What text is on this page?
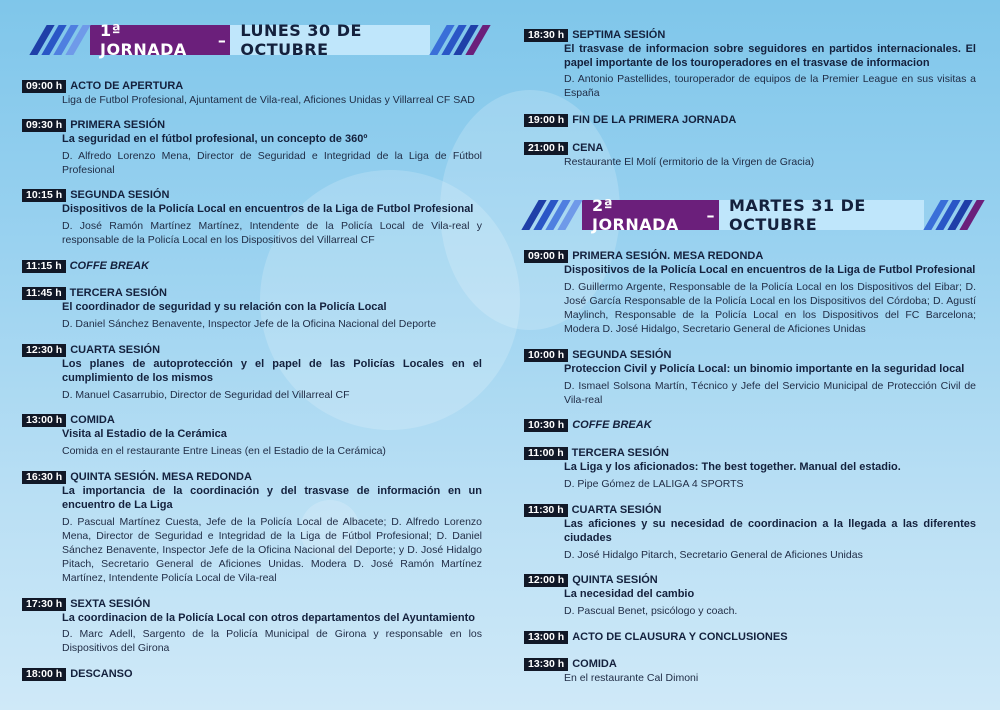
1ª JORNADA	– LUNES 30 DE OCTUBRE
09:00 h ACTO DE APERTURA
Liga de Futbol Profesional, Ajuntament de Vila-real, Aficiones Unidas y Villarreal CF SAD
09:30 h PRIMERA SESIÓN
La seguridad en el fútbol profesional, un concepto de 360º
D. Alfredo Lorenzo Mena, Director de Seguridad e Integridad de la Liga de Fútbol Profesional
10:15 h SEGUNDA SESIÓN
Dispositivos de la Policía Local en encuentros de la Liga de Futbol Profesional
D. José Ramón Martínez Martínez, Intendente de la Policía Local de Vila-real y responsable de la Policía Local en los Dispositivos del Villarreal CF
11:15 h COFFE BREAK
11:45 h TERCERA SESIÓN
El coordinador de seguridad y su relación con la Policía Local
D. Daniel Sánchez Benavente, Inspector Jefe de la Oficina Nacional del Deporte
12:30 h CUARTA SESIÓN
Los planes de autoprotección y el papel de las Policías Locales en el cumplimiento de los mismos
D. Manuel Casarrubio, Director de Seguridad del Villarreal CF
13:00 h COMIDA
Visita al Estadio de la Cerámica
Comida en el restaurante Entre Lineas (en el Estadio de la Cerámica)
16:30 h QUINTA SESIÓN. MESA REDONDA
La importancia de la coordinación y del trasvase de información en un encuentro de La Liga
D. Pascual Martínez Cuesta, Jefe de la Policía Local de Albacete; D. Alfredo Lorenzo Mena, Director de Seguridad e Integridad de la Liga de Fútbol Profesional; D. Daniel Sánchez Benavente, Inspector Jefe de la Oficina Nacional del Deporte; y D. José Hidalgo Pitach, Secretario General de Aficiones Unidas. Modera D. José Ramón Martínez Martínez, Intendente Policía Local de Vila-real
17:30 h SEXTA SESIÓN
La coordinacion de la Policía Local con otros departamentos del Ayuntamiento
D. Marc Adell, Sargento de la Policía Municipal de Girona y responsable en los Dispositivos del Girona
18:00 h DESCANSO
18:30 h SEPTIMA SESIÓN
El trasvase de informacion sobre seguidores en partidos internacionales. El papel importante de los touroperadores en el trasvase de informacion
D. Antonio Pastellides, touroperador de equipos de la Premier League en sus visitas a España
19:00 h FIN DE LA PRIMERA JORNADA
21:00 h CENA
Restaurante El Molí (ermitorio de la Virgen de Gracia)
2ª JORNADA	– MARTES 31 DE OCTUBRE
09:00 h PRIMERA SESIÓN. MESA REDONDA
Dispositivos de la Policía Local en encuentros de la Liga de Futbol Profesional
D. Guillermo Argente, Responsable de la Policía Local en los Dispositivos del Eibar; D. José García Responsable de la Policía Local en los Dispositivos del Córdoba; D. Agustí Maylinch, Responsable de la Policía Local en los Dispositivos del FC Barcelona; Modera D. José Hidalgo, Secretario General de Aficiones Unidas
10:00 h SEGUNDA SESIÓN
Proteccion Civil y Policía Local: un binomio importante en la seguridad local
D. Ismael Solsona Martín, Técnico y Jefe del Servicio Municipal de Protección Civil de Vila-real
10:30 h COFFE BREAK
11:00 h TERCERA SESIÓN
La Liga y los aficionados: The best together. Manual del estadio.
D. Pipe Gómez de LALIGA 4 SPORTS
11:30 h CUARTA SESIÓN
Las aficiones y su necesidad de coordinacion a la llegada a las diferentes ciudades
D. José Hidalgo Pitarch, Secretario General de Aficiones Unidas
12:00 h QUINTA SESIÓN
La necesidad del cambio
D. Pascual Benet, psicólogo y coach.
13:00 h ACTO DE CLAUSURA Y CONCLUSIONES
13:30 h COMIDA
En el restaurante Cal Dimoni
